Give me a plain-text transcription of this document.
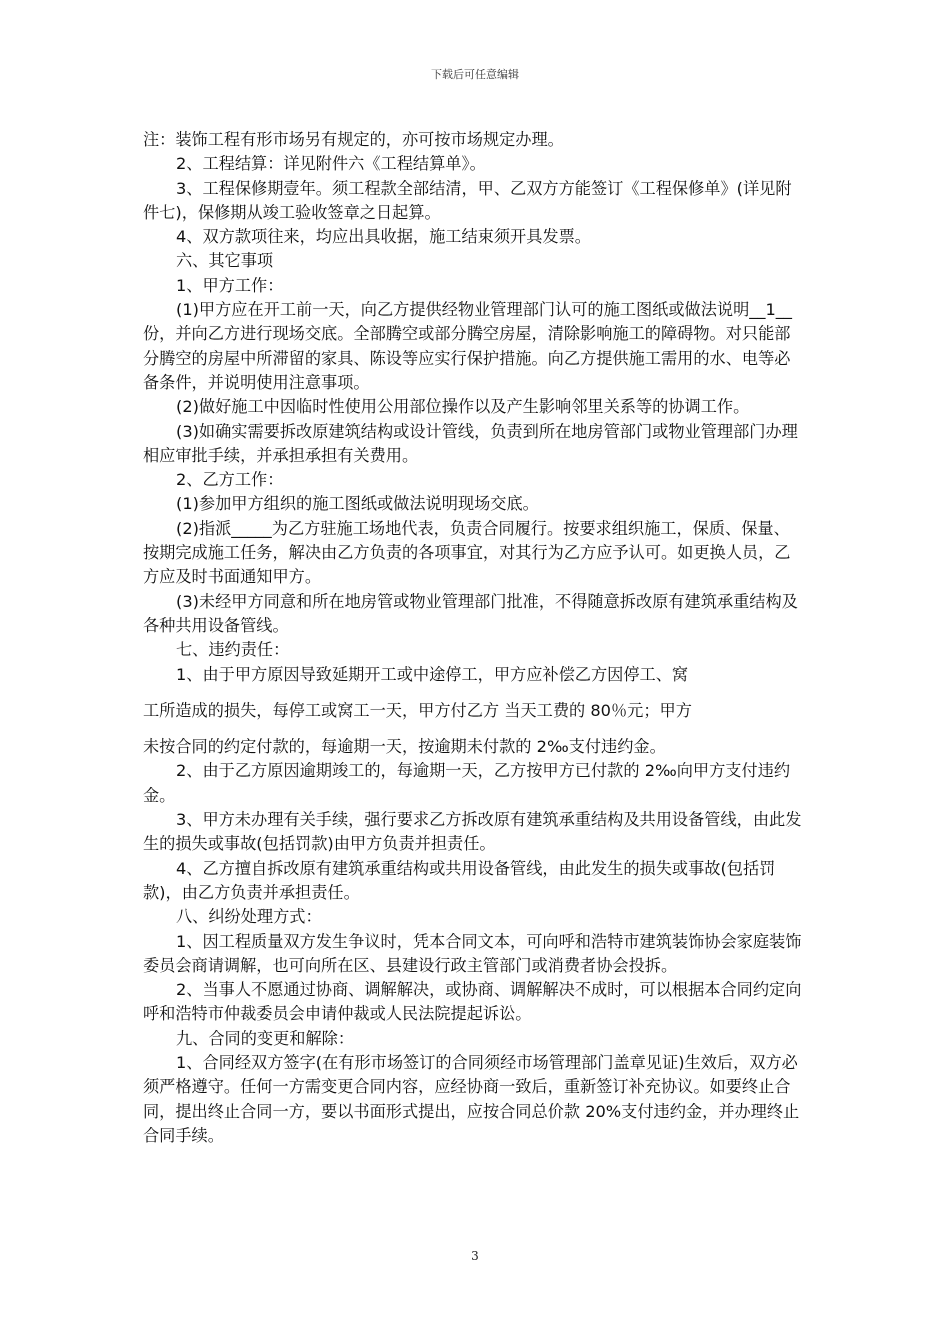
下载后可任意编辑

注：装饰工程有形市场另有规定的，亦可按市场规定办理。

2、工程结算：详见附件六《工程结算单》。

3、工程保修期壹年。须工程款全部结清，甲、乙双方方能签订《工程保修单》(详见附件七)，保修期从竣工验收签章之日起算。

4、双方款项往来，均应出具收据，施工结束须开具发票。

六、其它事项

1、甲方工作：

(1)甲方应在开工前一天，向乙方提供经物业管理部门认可的施工图纸或做法说明__1__份，并向乙方进行现场交底。全部腾空或部分腾空房屋，清除影响施工的障碍物。对只能部分腾空的房屋中所滞留的家具、陈设等应实行保护措施。向乙方提供施工需用的水、电等必备条件，并说明使用注意事项。

(2)做好施工中因临时性使用公用部位操作以及产生影响邻里关系等的协调工作。

(3)如确实需要拆改原建筑结构或设计管线，负责到所在地房管部门或物业管理部门办理相应审批手续，并承担承担有关费用。

2、乙方工作：

(1)参加甲方组织的施工图纸或做法说明现场交底。

(2)指派_____为乙方驻施工场地代表，负责合同履行。按要求组织施工，保质、保量、按期完成施工任务，解决由乙方负责的各项事宜，对其行为乙方应予认可。如更换人员，乙方应及时书面通知甲方。

(3)未经甲方同意和所在地房管或物业管理部门批准，不得随意拆改原有建筑承重结构及各种共用设备管线。

七、违约责任：

1、由于甲方原因导致延期开工或中途停工，甲方应补偿乙方因停工、窝

工所造成的损失，每停工或窝工一天，甲方付乙方 当天工费的 80％元；甲方

未按合同的约定付款的，每逾期一天，按逾期未付款的 2‰支付违约金。

2、由于乙方原因逾期竣工的，每逾期一天，乙方按甲方已付款的 2‰向甲方支付违约金。

3、甲方未办理有关手续，强行要求乙方拆改原有建筑承重结构及共用设备管线，由此发生的损失或事故(包括罚款)由甲方负责并担责任。

4、乙方擅自拆改原有建筑承重结构或共用设备管线，由此发生的损失或事故(包括罚款)，由乙方负责并承担责任。

八、纠纷处理方式：

1、因工程质量双方发生争议时，凭本合同文本，可向呼和浩特市建筑装饰协会家庭装饰委员会商请调解，也可向所在区、县建设行政主管部门或消费者协会投拆。

2、当事人不愿通过协商、调解解决，或协商、调解解决不成时，可以根据本合同约定向呼和浩特市仲裁委员会申请仲裁或人民法院提起诉讼。

九、合同的变更和解除：

1、合同经双方签字(在有形市场签订的合同须经市场管理部门盖章见证)生效后，双方必须严格遵守。任何一方需变更合同内容，应经协商一致后，重新签订补充协议。如要终止合同，提出终止合同一方，要以书面形式提出，应按合同总价款 20%支付违约金，并办理终止合同手续。

3
